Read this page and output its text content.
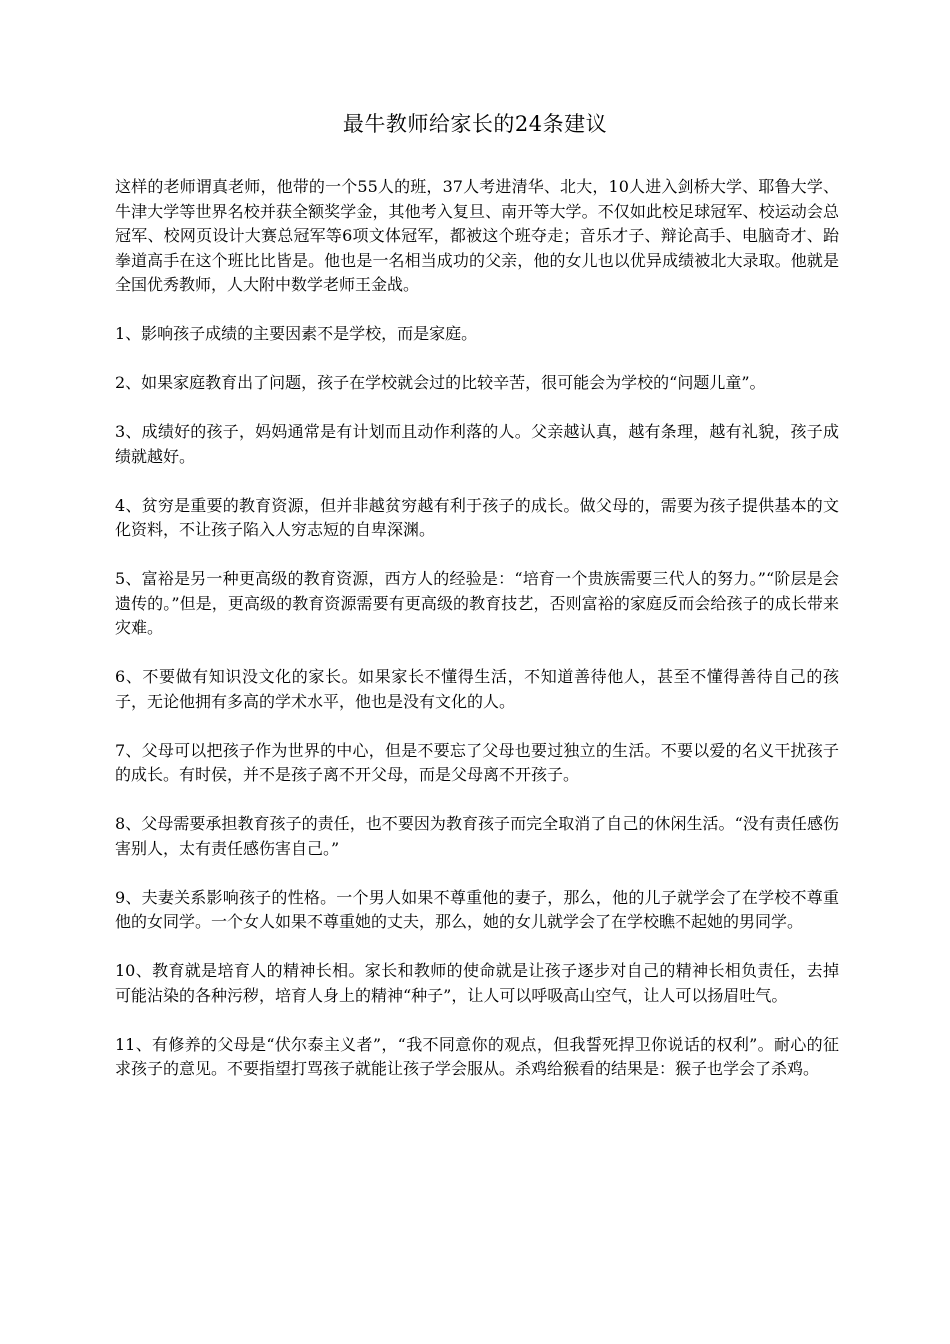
最牛教师给家长的24条建议

这样的老师谓真老师，他带的一个55人的班，37人考进清华、北大，10人进入剑桥大学、耶鲁大学、牛津大学等世界名校并获全额奖学金，其他考入复旦、南开等大学。不仅如此校足球冠军、校运动会总冠军、校网页设计大赛总冠军等6项文体冠军，都被这个班夺走；音乐才子、辩论高手、电脑奇才、跆拳道高手在这个班比比皆是。他也是一名相当成功的父亲，他的女儿也以优异成绩被北大录取。他就是全国优秀教师，人大附中数学老师王金战。

1、影响孩子成绩的主要因素不是学校，而是家庭。

2、如果家庭教育出了问题，孩子在学校就会过的比较辛苦，很可能会为学校的“问题儿童”。

3、成绩好的孩子，妈妈通常是有计划而且动作利落的人。父亲越认真，越有条理，越有礼貌，孩子成绩就越好。

4、贫穷是重要的教育资源，但并非越贫穷越有利于孩子的成长。做父母的，需要为孩子提供基本的文化资料，不让孩子陷入人穷志短的自卑深渊。

5、富裕是另一种更高级的教育资源，西方人的经验是：“培育一个贵族需要三代人的努力。”“阶层是会遗传的。”但是，更高级的教育资源需要有更高级的教育技艺，否则富裕的家庭反而会给孩子的成长带来灾难。

6、不要做有知识没文化的家长。如果家长不懂得生活，不知道善待他人，甚至不懂得善待自己的孩子，无论他拥有多高的学术水平，他也是没有文化的人。

7、父母可以把孩子作为世界的中心，但是不要忘了父母也要过独立的生活。不要以爱的名义干扰孩子的成长。有时侯，并不是孩子离不开父母，而是父母离不开孩子。

8、父母需要承担教育孩子的责任，也不要因为教育孩子而完全取消了自己的休闲生活。“没有责任感伤害别人，太有责任感伤害自己。”

9、夫妻关系影响孩子的性格。一个男人如果不尊重他的妻子，那么，他的儿子就学会了在学校不尊重他的女同学。一个女人如果不尊重她的丈夫，那么，她的女儿就学会了在学校瞧不起她的男同学。

10、教育就是培育人的精神长相。家长和教师的使命就是让孩子逐步对自己的精神长相负责任，去掉可能沾染的各种污秽，培育人身上的精神“种子”，让人可以呼吸高山空气，让人可以扬眉吐气。

11、有修养的父母是“伏尔泰主义者”，“我不同意你的观点，但我誓死捍卫你说话的权利”。耐心的征求孩子的意见。不要指望打骂孩子就能让孩子学会服从。杀鸡给猴看的结果是：猴子也学会了杀鸡。
